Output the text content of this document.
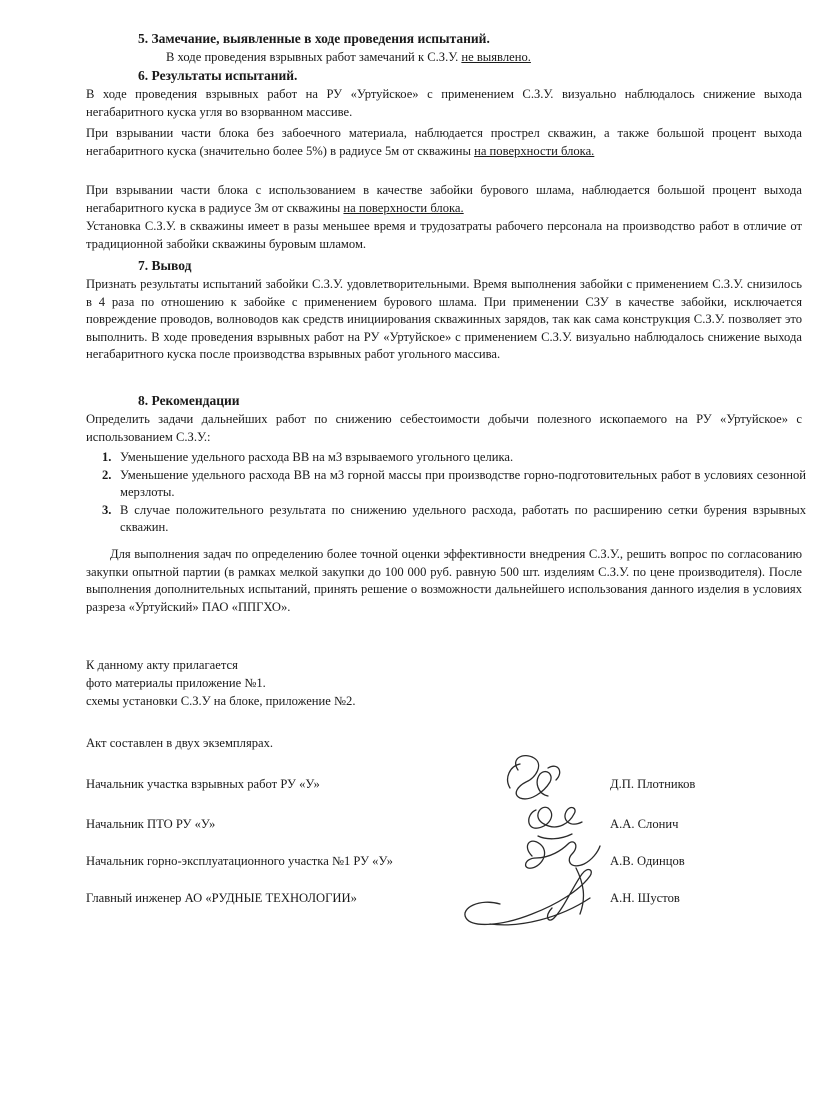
5. Замечание, выявленные в ходе проведения испытаний.
В ходе проведения взрывных работ замечаний к С.З.У. не выявлено.
6. Результаты испытаний.
В ходе проведения взрывных работ на РУ «Уртуйское» с применением С.З.У. визуально наблюдалось снижение выхода негабаритного куска угля во взорванном массиве.
При взрывании части блока без забоечного материала, наблюдается прострел скважин, а также большой процент выхода негабаритного куска (значительно более 5%) в радиусе 5м от скважины на поверхности блока.
При взрывании части блока с использованием в качестве забойки бурового шлама, наблюдается большой процент выхода негабаритного куска в радиусе 3м от скважины на поверхности блока.
Установка С.З.У. в скважины имеет в разы меньшее время и трудозатраты рабочего персонала на производство работ в отличие от традиционной забойки скважины буровым шламом.
7. Вывод
Признать результаты испытаний забойки С.З.У. удовлетворительными. Время выполнения забойки с применением С.З.У. снизилось в 4 раза по отношению к забойке с применением бурового шлама. При применении СЗУ в качестве забойки, исключается повреждение проводов, волноводов как средств инициирования скважинных зарядов, так как сама конструкция С.З.У. позволяет это выполнить. В ходе проведения взрывных работ на РУ «Уртуйское» с применением С.З.У. визуально наблюдалось снижение выхода негабаритного куска после производства взрывных работ угольного массива.
8. Рекомендации
Определить задачи дальнейших работ по снижению себестоимости добычи полезного ископаемого на РУ «Уртуйское» с использованием С.З.У.:
1. Уменьшение удельного расхода ВВ на м3 взрываемого угольного целика.
2. Уменьшение удельного расхода ВВ на м3 горной массы при производстве горно-подготовительных работ в условиях сезонной мерзлоты.
3. В случае положительного результата по снижению удельного расхода, работать по расширению сетки бурения взрывных скважин.
Для выполнения задач по определению более точной оценки эффективности внедрения С.З.У., решить вопрос по согласованию закупки опытной партии (в рамках мелкой закупки до 100 000 руб. равную 500 шт. изделиям С.З.У. по цене производителя). После выполнения дополнительных испытаний, принять решение о возможности дальнейшего использования данного изделия в условиях разреза «Уртуйский» ПАО «ППГХО».
К данному акту прилагается
фото материалы приложение №1.
схемы установки С.З.У на блоке, приложение №2.
Акт составлен в двух экземплярах.
Начальник участка взрывных работ РУ «У»	Д.П. Плотников
Начальник ПТО РУ «У»	А.А. Слонич
Начальник горно-эксплуатационного участка №1 РУ «У»	А.В. Одинцов
Главный инженер АО «РУДНЫЕ ТЕХНОЛОГИИ»	А.Н. Шустов
